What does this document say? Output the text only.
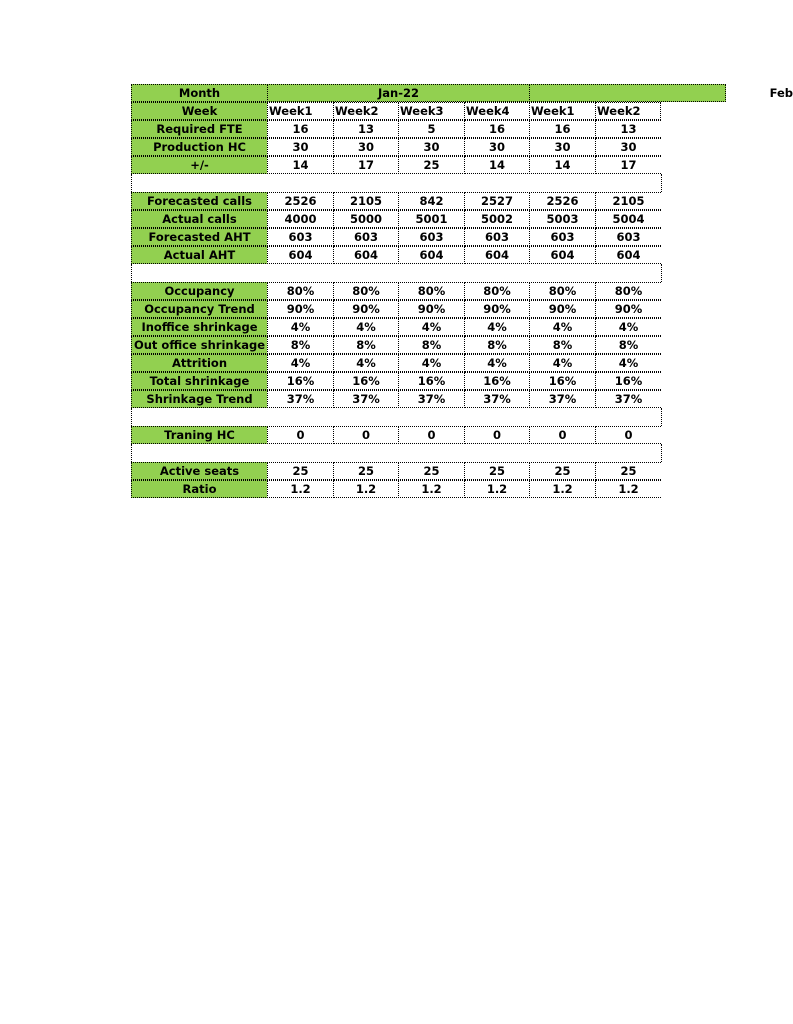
Month	Jan-22	Feb
Week	Week1	Week2	Week3	Week4	Week1	Week2
Required FTE	16	13	5	16	16	13
Production HC	30	30	30	30	30	30
+/-	14	17	25	14	14	17
Forecasted calls	2526	2105	842	2527	2526	2105
Actual calls	4000	5000	5001	5002	5003	5004
Forecasted AHT	603	603	603	603	603	603
Actual AHT	604	604	604	604	604	604
Occupancy	80%	80%	80%	80%	80%	80%
Occupancy Trend	90%	90%	90%	90%	90%	90%
Inoffice shrinkage	4%	4%	4%	4%	4%	4%
Out office shrinkage	8%	8%	8%	8%	8%	8%
Attrition	4%	4%	4%	4%	4%	4%
Total shrinkage	16%	16%	16%	16%	16%	16%
Shrinkage Trend	37%	37%	37%	37%	37%	37%
Traning HC	0	0	0	0	0	0
Active seats	25	25	25	25	25	25
Ratio	1.2	1.2	1.2	1.2	1.2	1.2
